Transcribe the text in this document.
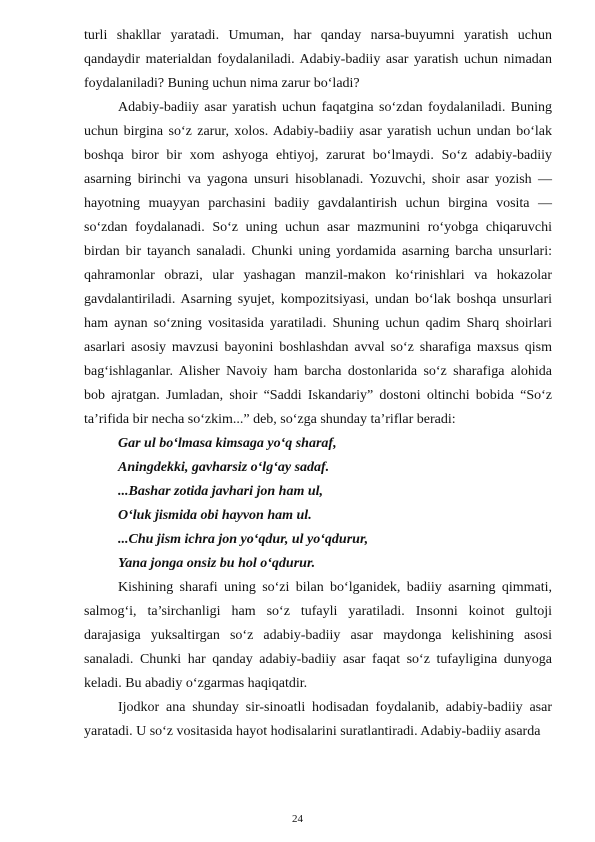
turli shakllar yaratadi. Umuman, har qanday narsa-buyumni yaratish uchun qandaydir materialdan foydalaniladi. Adabiy-badiiy asar yaratish uchun nimadan foydalaniladi? Buning uchun nima zarur bo‘ladi?

Adabiy-badiiy asar yaratish uchun faqatgina so‘zdan foydalaniladi. Buning uchun birgina so‘z zarur, xolos. Adabiy-badiiy asar yaratish uchun undan bo‘lak boshqa biror bir xom ashyoga ehtiyoj, zarurat bo‘lmaydi. So‘z adabiy-badiiy asarning birinchi va yagona unsuri hisoblanadi. Yozuvchi, shoir asar yozish — hayotning muayyan parchasini badiiy gavdalantirish uchun birgina vosita — so‘zdan foydalanadi. So‘z uning uchun asar mazmunini ro‘yobga chiqaruvchi birdan bir tayanch sanaladi. Chunki uning yordamida asarning barcha unsurlari: qahramonlar obrazi, ular yashagan manzil-makon ko‘rinishlari va hokazolar gavdalantiriladi. Asarning syujet, kompozitsiyasi, undan bo‘lak boshqa unsurlari ham aynan so‘zning vositasida yaratiladi. Shuning uchun qadim Sharq shoirlari asarlari asosiy mavzusi bayonini boshlashdan avval so‘z sharafiga maxsus qism bag‘ishlaganlar. Alisher Navoiy ham barcha dostonlarida so‘z sharafiga alohida bob ajratgan. Jumladan, shoir “Saddi Iskandariy” dostoni oltinchi bobida “So‘z ta’rifida bir necha so‘zkim...” deb, so‘zga shunday ta’riflar beradi:

Gar ul bo‘lmasa kimsaga yo‘q sharaf,
Aningdekki, gavharsiz o‘lg‘ay sadaf.
...Bashar zotida javhari jon ham ul,
O‘luk jismida obi hayvon ham ul.
...Chu jism ichra jon yo‘qdur, ul yo‘qdurur,
Yana jonga onsiz bu hol o‘qdurur.

Kishining sharafi uning so‘zi bilan bo‘lganidek, badiiy asarning qimmati, salmog‘i, ta’sirchanligi ham so‘z tufayli yaratiladi. Insonni koinot gultoji darajasiga yuksaltirgan so‘z adabiy-badiiy asar maydonga kelishining asosi sanaladi. Chunki har qanday adabiy-badiiy asar faqat so‘z tufayligina dunyoga keladi. Bu abadiy o‘zgarmas haqiqatdir.

Ijodkor ana shunday sir-sinoatli hodisadan foydalanib, adabiy-badiiy asar yaratadi. U so‘z vositasida hayot hodisalarini suratlantiradi. Adabiy-badiiy asarda

24
